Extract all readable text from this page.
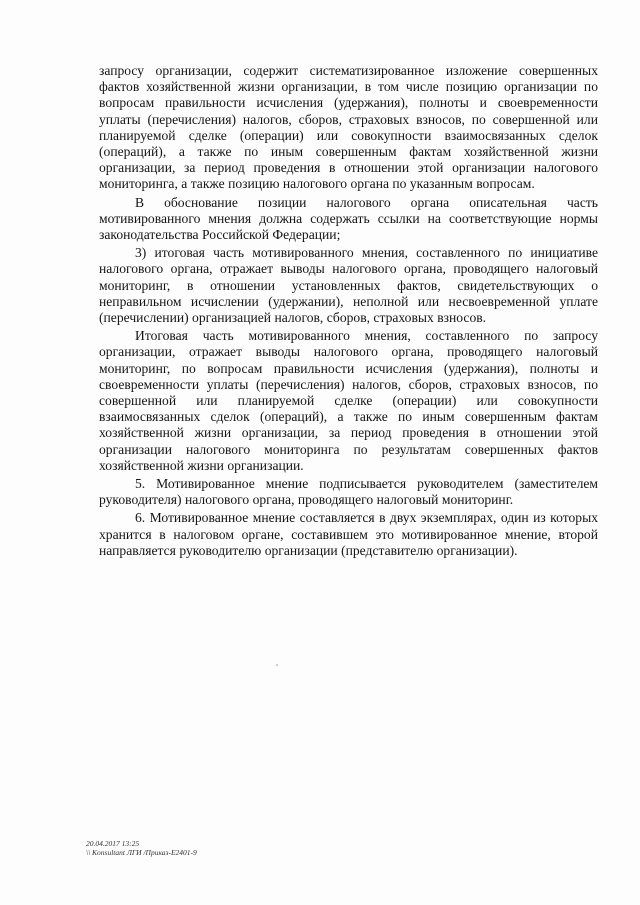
запросу организации, содержит систематизированное изложение совершенных фактов хозяйственной жизни организации, в том числе позицию организации по вопросам правильности исчисления (удержания), полноты и своевременности уплаты (перечисления) налогов, сборов, страховых взносов, по совершенной или планируемой сделке (операции) или совокупности взаимосвязанных сделок (операций), а также по иным совершенным фактам хозяйственной жизни организации, за период проведения в отношении этой организации налогового мониторинга, а также позицию налогового органа по указанным вопросам.

В обоснование позиции налогового органа описательная часть мотивированного мнения должна содержать ссылки на соответствующие нормы законодательства Российской Федерации;

3) итоговая часть мотивированного мнения, составленного по инициативе налогового органа, отражает выводы налогового органа, проводящего налоговый мониторинг, в отношении установленных фактов, свидетельствующих о неправильном исчислении (удержании), неполной или несвоевременной уплате (перечислении) организацией налогов, сборов, страховых взносов.

Итоговая часть мотивированного мнения, составленного по запросу организации, отражает выводы налогового органа, проводящего налоговый мониторинг, по вопросам правильности исчисления (удержания), полноты и своевременности уплаты (перечисления) налогов, сборов, страховых взносов, по совершенной или планируемой сделке (операции) или совокупности взаимосвязанных сделок (операций), а также по иным совершенным фактам хозяйственной жизни организации, за период проведения в отношении этой организации налогового мониторинга по результатам совершенных фактов хозяйственной жизни организации.

5. Мотивированное мнение подписывается руководителем (заместителем руководителя) налогового органа, проводящего налоговый мониторинг.

6. Мотивированное мнение составляется в двух экземплярах, один из которых хранится в налоговом органе, составившем это мотивированное мнение, второй направляется руководителю организации (представителю организации).

20.04.2017 13:25
\\ Konsultant ЛГИ /Приказ-Е2401-9
